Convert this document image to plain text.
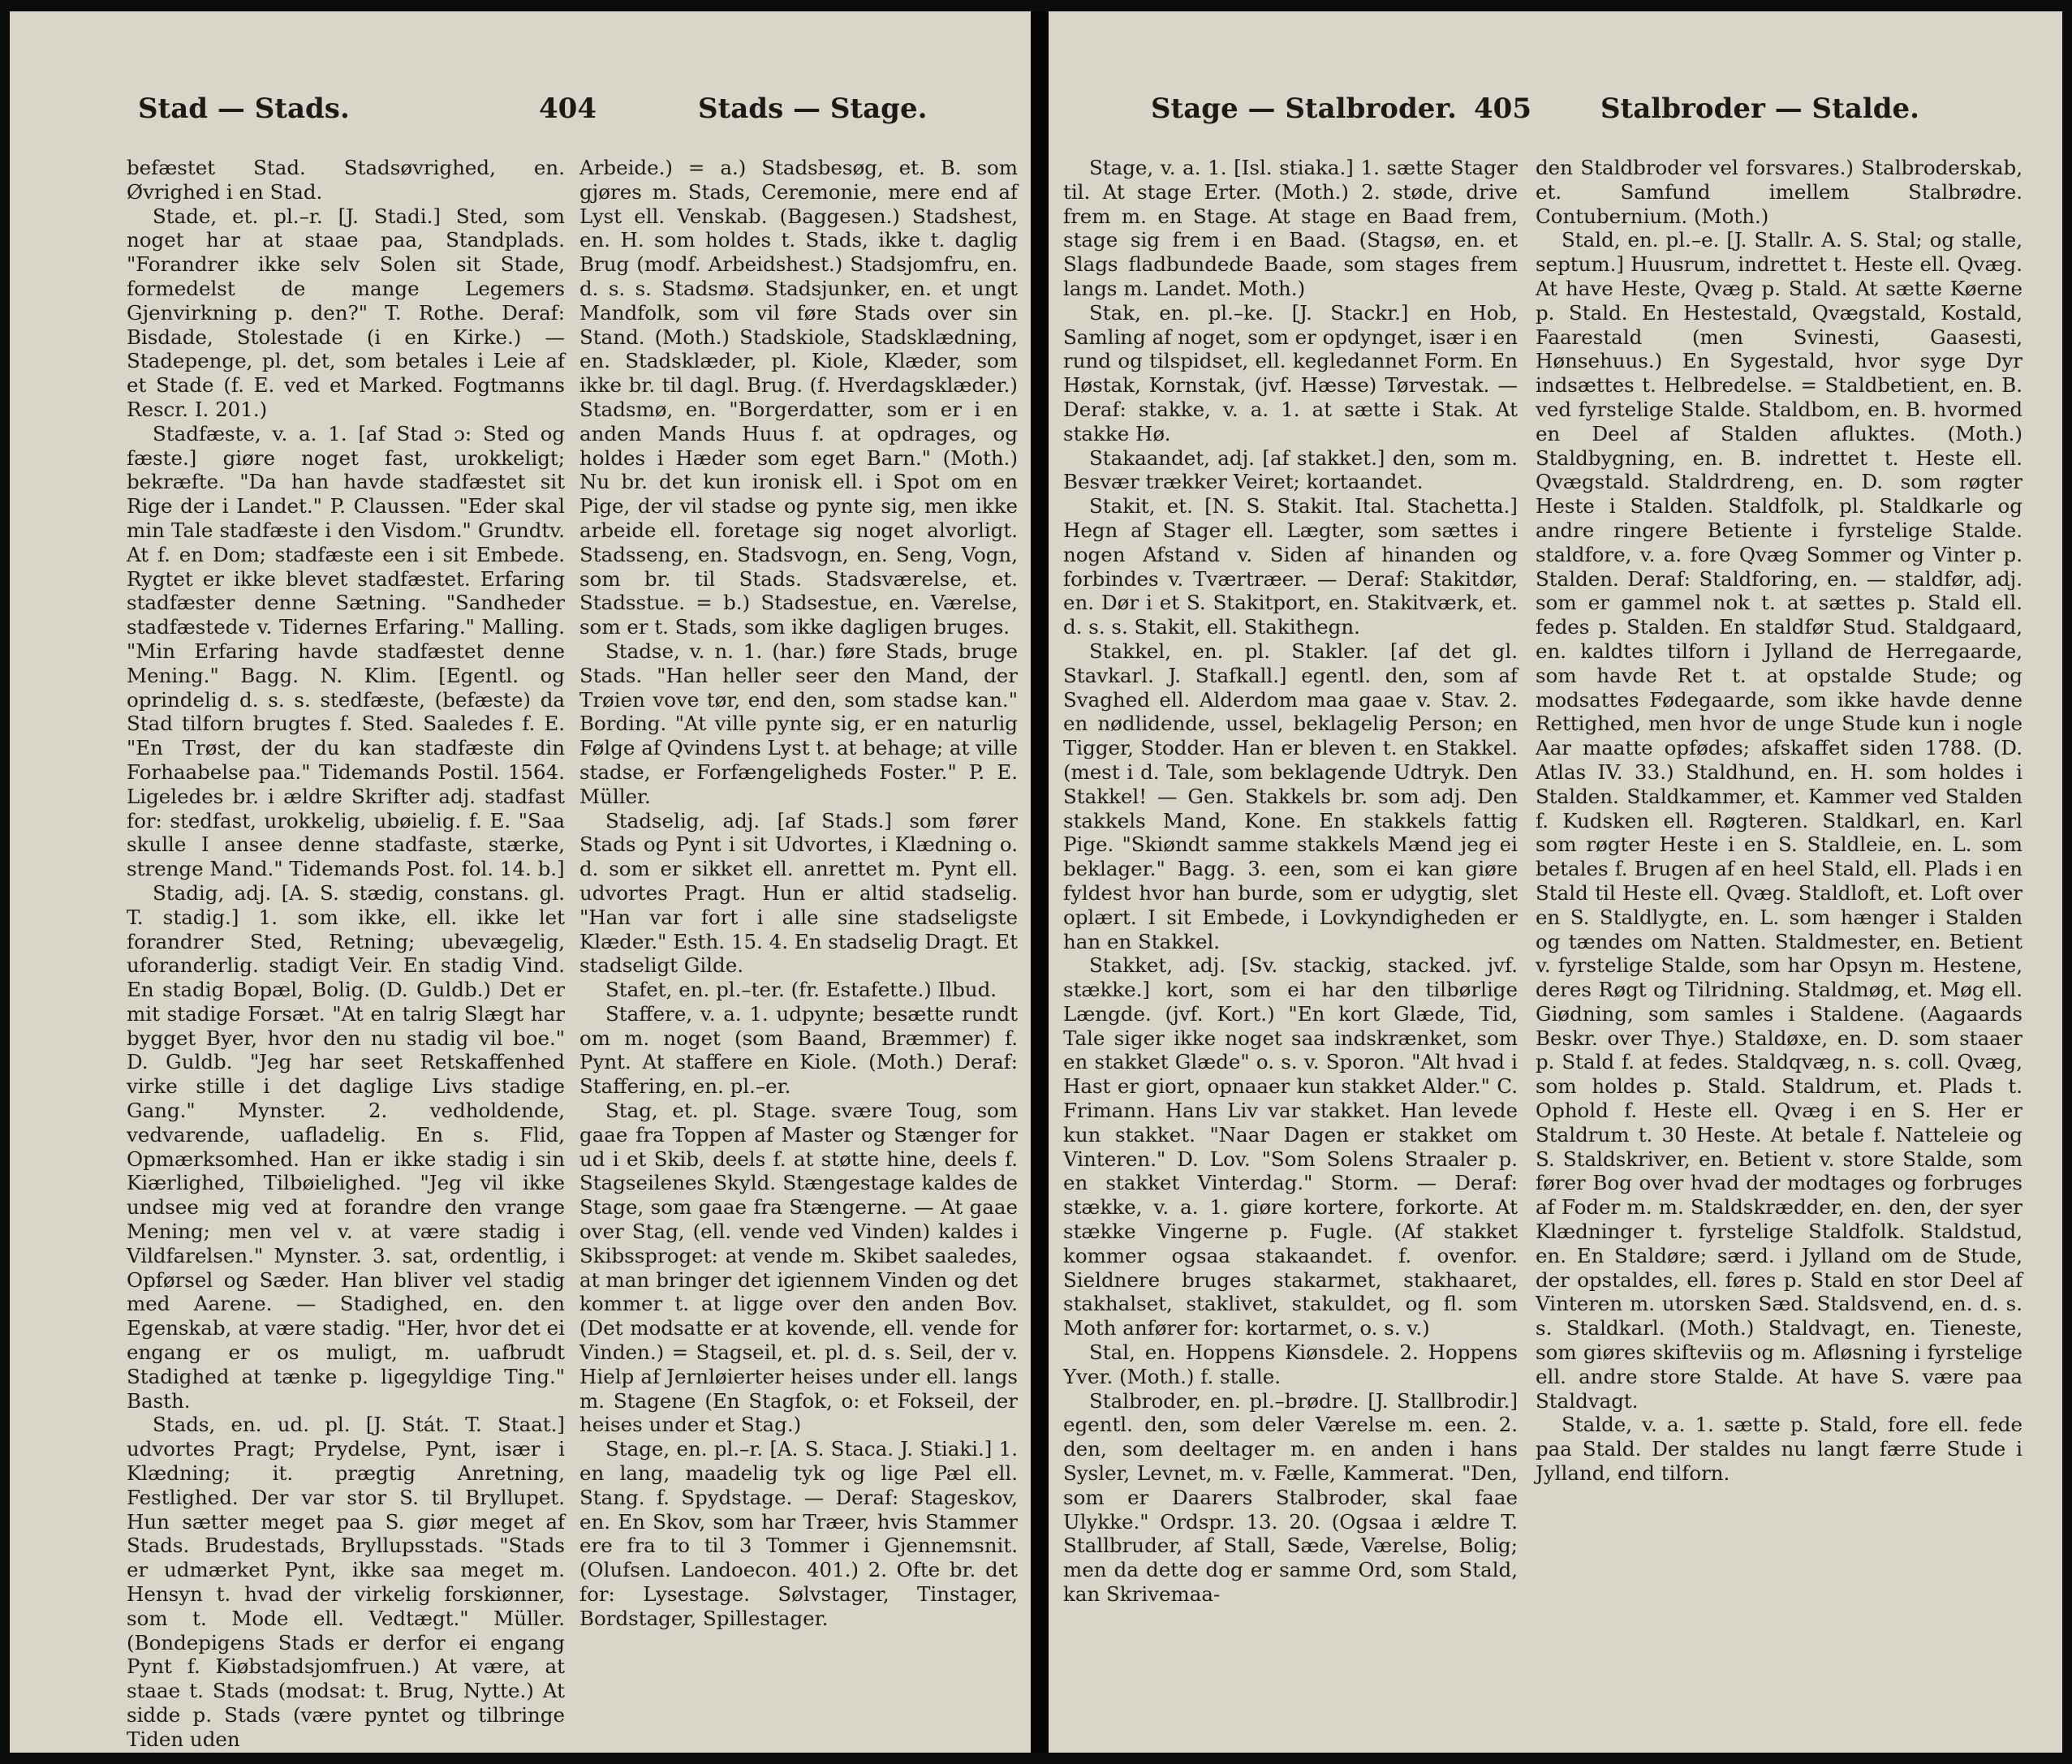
Stad — Stads.	404	Stads — Stage.

befæstet Stad. Stadsøvrighed, en. Øvrighed i en Stad.

Stade, et. pl.–r. [J. Stadi.] Sted, som noget har at staae paa, Standplads. "Forandrer ikke selv Solen sit Stade, formedelst de mange Legemers Gjenvirkning p. den?" T. Rothe. Deraf: Bisdade, Stolestade (i en Kirke.) — Stadepenge, pl. det, som betales i Leie af et Stade (f. E. ved et Marked. Fogtmanns Rescr. I. 201.)

Stadfæste, v. a. 1. [af Stad ɔ: Sted og fæste.] giøre noget fast, urokkeligt; bekræfte. "Da han havde stadfæstet sit Rige der i Landet." P. Claussen. "Eder skal min Tale stadfæste i den Visdom." Grundtv. At f. en Dom; stadfæste een i sit Embede. Rygtet er ikke blevet stadfæstet. Erfaring stadfæster denne Sætning. "Sandheder stadfæstede v. Tidernes Erfaring." Malling. "Min Erfaring havde stadfæstet denne Mening." Bagg. N. Klim. [Egentl. og oprindelig d. s. s. stedfæste, (befæste) da Stad tilforn brugtes f. Sted. Saaledes f. E. "En Trøst, der du kan stadfæste din Forhaabelse paa." Tidemands Postil. 1564. Ligeledes br. i ældre Skrifter adj. stadfast for: stedfast, urokkelig, ubøielig. f. E. "Saa skulle I ansee denne stadfaste, stærke, strenge Mand." Tidemands Post. fol. 14. b.]

Stadig, adj. [A. S. stædig, constans. gl. T. stadig.] 1. som ikke, ell. ikke let forandrer Sted, Retning; ubevægelig, uforanderlig. stadigt Veir. En stadig Vind. En stadig Bopæl, Bolig. (D. Guldb.) Det er mit stadige Forsæt. "At en talrig Slægt har bygget Byer, hvor den nu stadig vil boe." D. Guldb. "Jeg har seet Retskaffenhed virke stille i det daglige Livs stadige Gang." Mynster. 2. vedholdende, vedvarende, uafladelig. En s. Flid, Opmærksomhed. Han er ikke stadig i sin Kiærlighed, Tilbøielighed. "Jeg vil ikke undsee mig ved at forandre den vrange Mening; men vel v. at være stadig i Vildfarelsen." Mynster. 3. sat, ordentlig, i Opførsel og Sæder. Han bliver vel stadig med Aarene. — Stadighed, en. den Egenskab, at være stadig. "Her, hvor det ei engang er os muligt, m. uafbrudt Stadighed at tænke p. ligegyldige Ting." Basth.

Stads, en. ud. pl. [J. Stát. T. Staat.] udvortes Pragt; Prydelse, Pynt, især i Klædning; it. prægtig Anretning, Festlighed. Der var stor S. til Bryllupet. Hun sætter meget paa S. giør meget af Stads. Brudestads, Bryllupsstads. "Stads er udmærket Pynt, ikke saa meget m. Hensyn t. hvad der virkelig forskiønner, som t. Mode ell. Vedtægt." Müller. (Bondepigens Stads er derfor ei engang Pynt f. Kiøbstadsjomfruen.) At være, at staae t. Stads (modsat: t. Brug, Nytte.) At sidde p. Stads (være pyntet og tilbringe Tiden uden

Arbeide.) = a.) Stadsbesøg, et. B. som gjøres m. Stads, Ceremonie, mere end af Lyst ell. Venskab. (Baggesen.) Stadshest, en. H. som holdes t. Stads, ikke t. daglig Brug (modf. Arbeidshest.) Stadsjomfru, en. d. s. s. Stadsmø. Stadsjunker, en. et ungt Mandfolk, som vil føre Stads over sin Stand. (Moth.) Stadskiole, Stadsklædning, en. Stadsklæder, pl. Kiole, Klæder, som ikke br. til dagl. Brug. (f. Hverdagsklæder.) Stadsmø, en. "Borgerdatter, som er i en anden Mands Huus f. at opdrages, og holdes i Hæder som eget Barn." (Moth.) Nu br. det kun ironisk ell. i Spot om en Pige, der vil stadse og pynte sig, men ikke arbeide ell. foretage sig noget alvorligt. Stadsseng, en. Stadsvogn, en. Seng, Vogn, som br. til Stads. Stadsværelse, et. Stadsstue. = b.) Stadsestue, en. Værelse, som er t. Stads, som ikke dagligen bruges.

Stadse, v. n. 1. (har.) føre Stads, bruge Stads. "Han heller seer den Mand, der Trøien vove tør, end den, som stadse kan." Bording. "At ville pynte sig, er en naturlig Følge af Qvindens Lyst t. at behage; at ville stadse, er Forfængeligheds Foster." P. E. Müller.

Stadselig, adj. [af Stads.] som fører Stads og Pynt i sit Udvortes, i Klædning o. d. som er sikket ell. anrettet m. Pynt ell. udvortes Pragt. Hun er altid stadselig. "Han var fort i alle sine stadseligste Klæder." Esth. 15. 4. En stadselig Dragt. Et stadseligt Gilde.

Stafet, en. pl.–ter. (fr. Estafette.) Ilbud.

Staffere, v. a. 1. udpynte; besætte rundt om m. noget (som Baand, Bræmmer) f. Pynt. At staffere en Kiole. (Moth.) Deraf: Staffering, en. pl.–er.

Stag, et. pl. Stage. svære Toug, som gaae fra Toppen af Master og Stænger for ud i et Skib, deels f. at støtte hine, deels f. Stagseilenes Skyld. Stængestage kaldes de Stage, som gaae fra Stængerne. — At gaae over Stag, (ell. vende ved Vinden) kaldes i Skibssproget: at vende m. Skibet saaledes, at man bringer det igiennem Vinden og det kommer t. at ligge over den anden Bov. (Det modsatte er at kovende, ell. vende for Vinden.) = Stagseil, et. pl. d. s. Seil, der v. Hielp af Jernløierter heises under ell. langs m. Stagene (En Stagfok, o: et Fokseil, der heises under et Stag.)

Stage, en. pl.–r. [A. S. Staca. J. Stiaki.] 1. en lang, maadelig tyk og lige Pæl ell. Stang. f. Spydstage. — Deraf: Stageskov, en. En Skov, som har Træer, hvis Stammer ere fra to til 3 Tommer i Gjennemsnit. (Olufsen. Landoecon. 401.) 2. Ofte br. det for: Lysestage. Sølvstager, Tinstager, Bordstager, Spillestager.

Stage — Stalbroder. 405	Stalbroder — Stalde.

Stage, v. a. 1. [Isl. stiaka.] 1. sætte Stager til. At stage Erter. (Moth.) 2. støde, drive frem m. en Stage. At stage en Baad frem, stage sig frem i en Baad. (Stagsø, en. et Slags fladbundede Baade, som stages frem langs m. Landet. Moth.)

Stak, en. pl.–ke. [J. Stackr.] en Hob, Samling af noget, som er opdynget, især i en rund og tilspidset, ell. kegledannet Form. En Høstak, Kornstak, (jvf. Hæsse) Tørvestak. — Deraf: stakke, v. a. 1. at sætte i Stak. At stakke Hø.

Stakaandet, adj. [af stakket.] den, som m. Besvær trækker Veiret; kortaandet.

Stakit, et. [N. S. Stakit. Ital. Stachetta.] Hegn af Stager ell. Lægter, som sættes i nogen Afstand v. Siden af hinanden og forbindes v. Tværtræer. — Deraf: Stakitdør, en. Dør i et S. Stakitport, en. Stakitværk, et. d. s. s. Stakit, ell. Stakithegn.

Stakkel, en. pl. Stakler. [af det gl. Stavkarl. J. Stafkall.] egentl. den, som af Svaghed ell. Alderdom maa gaae v. Stav. 2. en nødlidende, ussel, beklagelig Person; en Tigger, Stodder. Han er bleven t. en Stakkel. (mest i d. Tale, som beklagende Udtryk. Den Stakkel! — Gen. Stakkels br. som adj. Den stakkels Mand, Kone. En stakkels fattig Pige. "Skiøndt sammе stakkels Mænd jeg ei beklager." Bagg. 3. een, som ei kan giøre fyldest hvor han burde, som er udygtig, slet oplært. I sit Embede, i Lovkyndigheden er han en Stakkel.

Stakket, adj. [Sv. stackig, stacked. jvf. stække.] kort, som ei har den tilbørlige Længde. (jvf. Kort.) "En kort Glæde, Tid, Tale siger ikke noget saa indskrænket, som en stakket Glæde" o. s. v. Sporon. "Alt hvad i Hast er giort, opnaaer kun stakket Alder." C. Frimann. Hans Liv var stakket. Han levede kun stakket. "Naar Dagen er stakket om Vinteren." D. Lov. "Som Solens Straaler p. en stakket Vinterdag." Storm. — Deraf: stække, v. a. 1. giøre kortere, forkorte. At stække Vingerne p. Fugle. (Af stakket kommer ogsaa stakaandet. f. ovenfor. Sieldnere bruges stakarmet, stakhaaret, stakhalset, staklivet, stakuldet, og fl. som Moth anfører for: kortarmet, o. s. v.)

Stal, en. Hoppens Kiønsdele. 2. Hoppens Yver. (Moth.) f. stalle.

Stalbroder, en. pl.–brødre. [J. Stallbrodir.] egentl. den, som deler Værelse m. een. 2. den, som deeltager m. en anden i hans Sysler, Levnet, m. v. Fælle, Kammerat. "Den, som er Daarers Stalbroder, skal faae Ulykke." Ordspr. 13. 20. (Ogsaa i ældre T. Stallbruder, af Stall, Sæde, Værelse, Bolig; men da dette dog er samme Ord, som Stald, kan Skrivemaa-

den Staldbroder vel forsvares.) Stalbroderskab, et. Samfund imellem Stalbrødre. Contubernium. (Moth.)

Stald, en. pl.–e. [J. Stallr. A. S. Stal; og stalle, septum.] Huusrum, indrettet t. Heste ell. Qvæg. At have Heste, Qvæg p. Stald. At sætte Køerne p. Stald. En Hestestald, Qvægstald, Kostald, Faarestald (men Svinesti, Gaasesti, Hønsehuus.) En Sygestald, hvor syge Dyr indsættes t. Helbredelse. = Staldbetient, en. B. ved fyrstelige Stalde. Staldbom, en. B. hvormed en Deel af Stalden afluktes. (Moth.) Staldbygning, en. B. indrettet t. Heste ell. Qvægstald. Staldrdreng, en. D. som røgter Heste i Stalden. Staldfolk, pl. Staldkarle og andre ringere Betiente i fyrstelige Stalde. staldfore, v. a. fore Qvæg Sommer og Vinter p. Stalden. Deraf: Staldforing, en. — staldfør, adj. som er gammel nok t. at sættes p. Stald ell. fedes p. Stalden. En staldfør Stud. Staldgaard, en. kaldtes tilforn i Jylland de Herregaarde, som havde Ret t. at opstalde Stude; og modsattes Fødegaarde, som ikke havde denne Rettighed, men hvor de unge Stude kun i nogle Aar maatte opfødes; afskaffet siden 1788. (D. Atlas IV. 33.) Staldhund, en. H. som holdes i Stalden. Staldkammer, et. Kammer ved Stalden f. Kudsken ell. Røgteren. Staldkarl, en. Karl som røgter Heste i en S. Staldleie, en. L. som betales f. Brugen af en heel Stald, ell. Plads i en Stald til Heste ell. Qvæg. Staldloft, et. Loft over en S. Staldlygte, en. L. som hænger i Stalden og tændes om Natten. Staldmester, en. Betient v. fyrstelige Stalde, som har Opsyn m. Hestene, deres Røgt og Tilridning. Staldmøg, et. Møg ell. Giødning, som samles i Staldene. (Aagaards Beskr. over Thye.) Staldøxe, en. D. som staaer p. Stald f. at fedes. Staldqvæg, n. s. coll. Qvæg, som holdes p. Stald. Staldrum, et. Plads t. Ophold f. Heste ell. Qvæg i en S. Her er Staldrum t. 30 Heste. At betale f. Natteleie og S. Staldskriver, en. Betient v. store Stalde, som fører Bog over hvad der modtages og forbruges af Foder m. m. Staldskrædder, en. den, der syer Klædninger t. fyrstelige Staldfolk. Staldstud, en. En Staldøre; særd. i Jylland om de Stude, der opstaldes, ell. føres p. Stald en stor Deel af Vinteren m. utorsken Sæd. Staldsvend, en. d. s. s. Staldkarl. (Moth.) Staldvagt, en. Tieneste, som giøres skifteviis og m. Afløsning i fyrstelige ell. andre store Stalde. At have S. være paa Staldvagt.

Stalde, v. a. 1. sætte p. Stald, fore ell. fede paa Stald. Der staldes nu langt færre Stude i Jylland, end tilforn.
